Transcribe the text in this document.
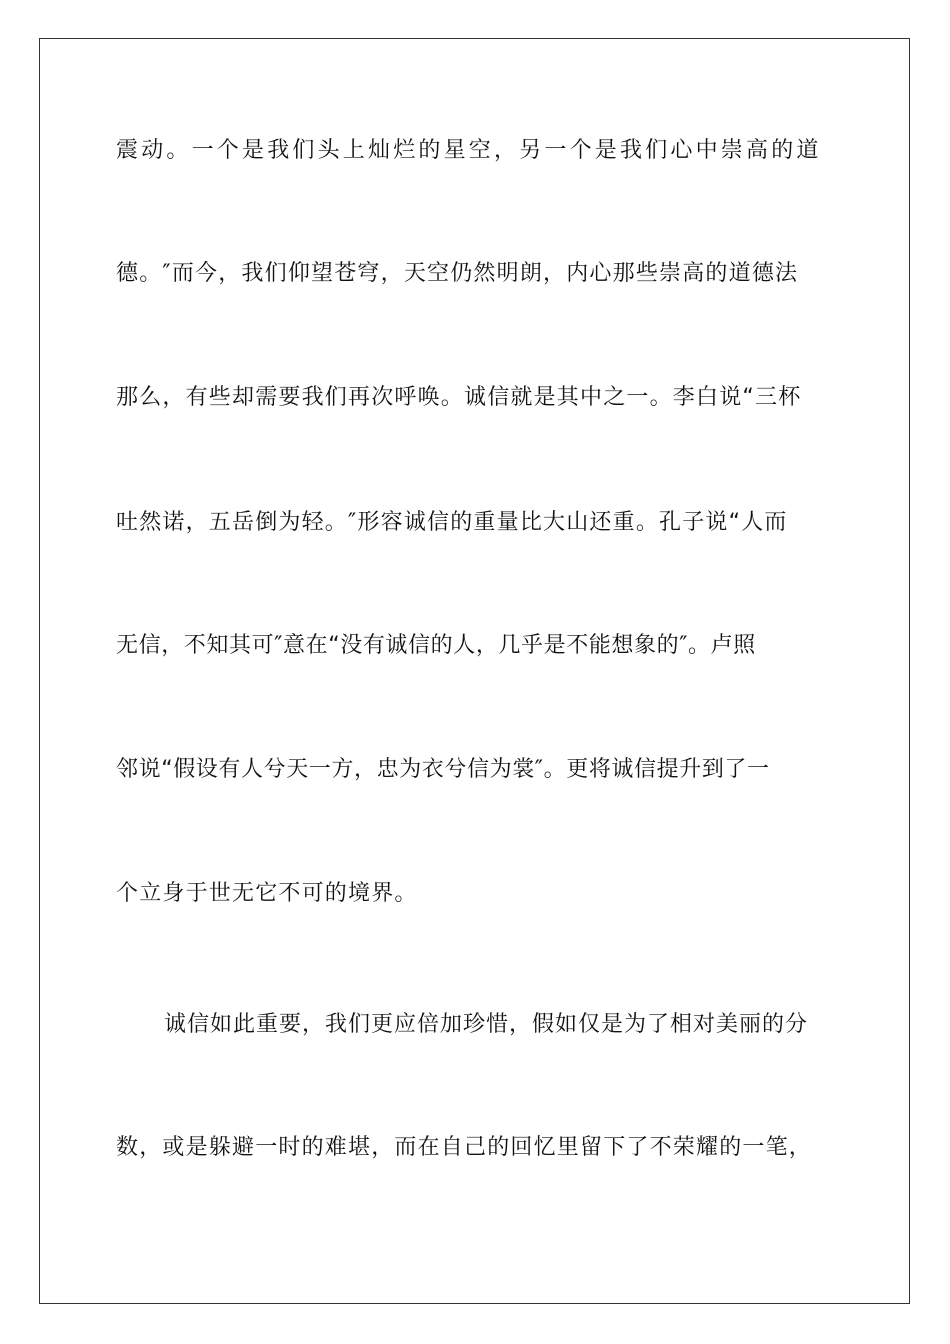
震动。一个是我们头上灿烂的星空，另一个是我们心中崇高的道
德。″而今，我们仰望苍穹，天空仍然明朗，内心那些崇高的道德法
那么，有些却需要我们再次呼唤。诚信就是其中之一。李白说“三杯
吐然诺，五岳倒为轻。″形容诚信的重量比大山还重。孔子说“人而
无信，不知其可″意在“没有诚信的人，几乎是不能想象的″。卢照
邻说“假设有人兮天一方，忠为衣兮信为裳″。更将诚信提升到了一
个立身于世无它不可的境界。
诚信如此重要，我们更应倍加珍惜，假如仅是为了相对美丽的分
数，或是躲避一时的难堪，而在自己的回忆里留下了不荣耀的一笔，
